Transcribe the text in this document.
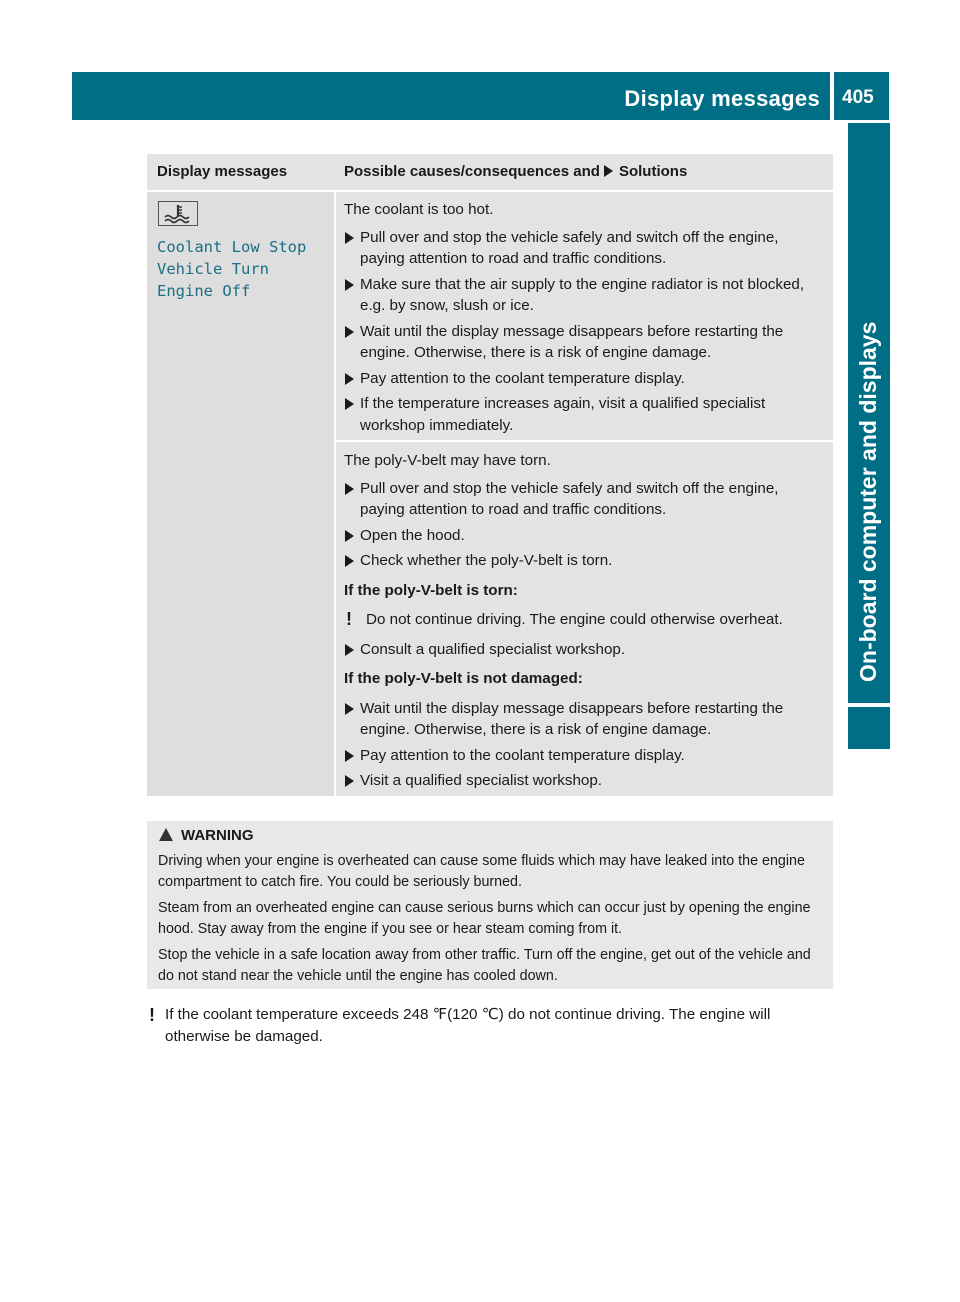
Display messages 405
On-board computer and displays
Display messages	Possible causes/consequences and Solutions
Coolant Low Stop
Vehicle Turn
Engine Off

The coolant is too hot.

Pull over and stop the vehicle safely and switch off the engine, paying attention to road and traffic conditions.

Make sure that the air supply to the engine radiator is not blocked, e.g. by snow, slush or ice.

Wait until the display message disappears before restarting the engine. Otherwise, there is a risk of engine damage.

Pay attention to the coolant temperature display.

If the temperature increases again, visit a qualified specialist workshop immediately.

The poly-V-belt may have torn.

Pull over and stop the vehicle safely and switch off the engine, paying attention to road and traffic conditions.

Open the hood.

Check whether the poly-V-belt is torn.

If the poly-V-belt is torn:

! Do not continue driving. The engine could otherwise overheat.

Consult a qualified specialist workshop.

If the poly-V-belt is not damaged:

Wait until the display message disappears before restarting the engine. Otherwise, there is a risk of engine damage.

Pay attention to the coolant temperature display.

Visit a qualified specialist workshop.

WARNING

Driving when your engine is overheated can cause some fluids which may have leaked into the engine compartment to catch fire. You could be seriously burned.

Steam from an overheated engine can cause serious burns which can occur just by opening the engine hood. Stay away from the engine if you see or hear steam coming from it.

Stop the vehicle in a safe location away from other traffic. Turn off the engine, get out of the vehicle and do not stand near the vehicle until the engine has cooled down.

! If the coolant temperature exceeds 248 ℉(120 ℃) do not continue driving. The engine will otherwise be damaged.
